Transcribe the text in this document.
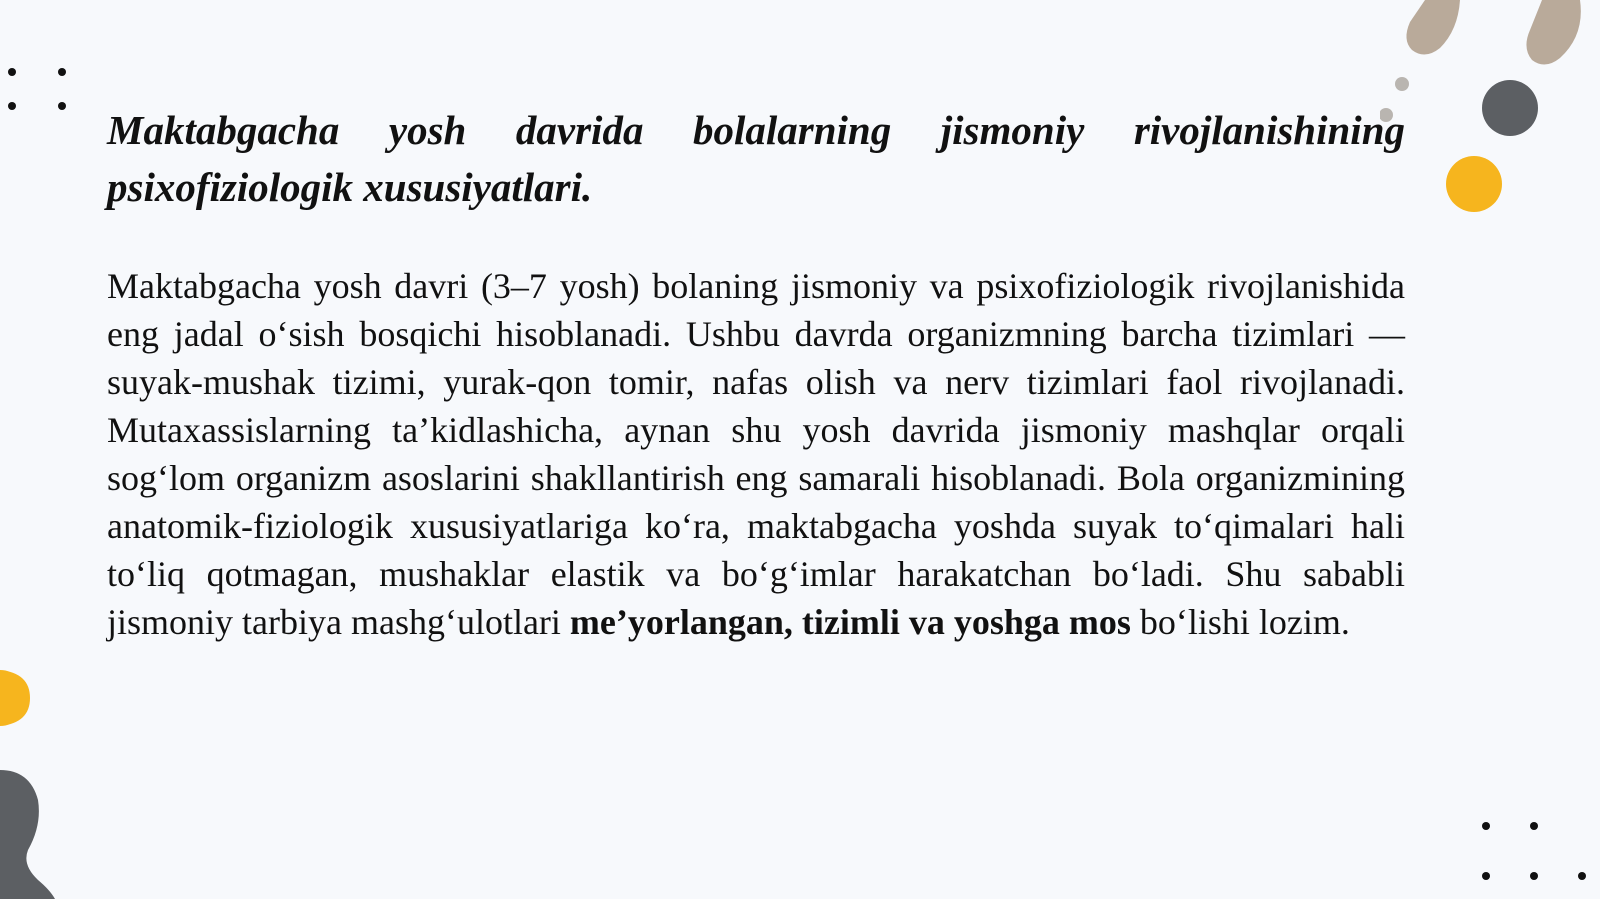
Maktabgacha yosh davrida bolalarning jismoniy rivojlanishining psixofiziologik xususiyatlari.

Maktabgacha yosh davri (3–7 yosh) bolaning jismoniy va psixofiziologik rivojlanishida eng jadal o‘sish bosqichi hisoblanadi. Ushbu davrda organizmning barcha tizimlari — suyak-mushak tizimi, yurak-qon tomir, nafas olish va nerv tizimlari faol rivojlanadi. Mutaxassislarning ta’kidlashicha, aynan shu yosh davrida jismoniy mashqlar orqali sog‘lom organizm asoslarini shakllantirish eng samarali hisoblanadi. Bola organizmining anatomik-fiziologik xususiyatlariga ko‘ra, maktabgacha yoshda suyak to‘qimalari hali to‘liq qotmagan, mushaklar elastik va bo‘g‘imlar harakatchan bo‘ladi. Shu sababli jismoniy tarbiya mashg‘ulotlari me’yorlangan, tizimli va yoshga mos bo‘lishi lozim.
